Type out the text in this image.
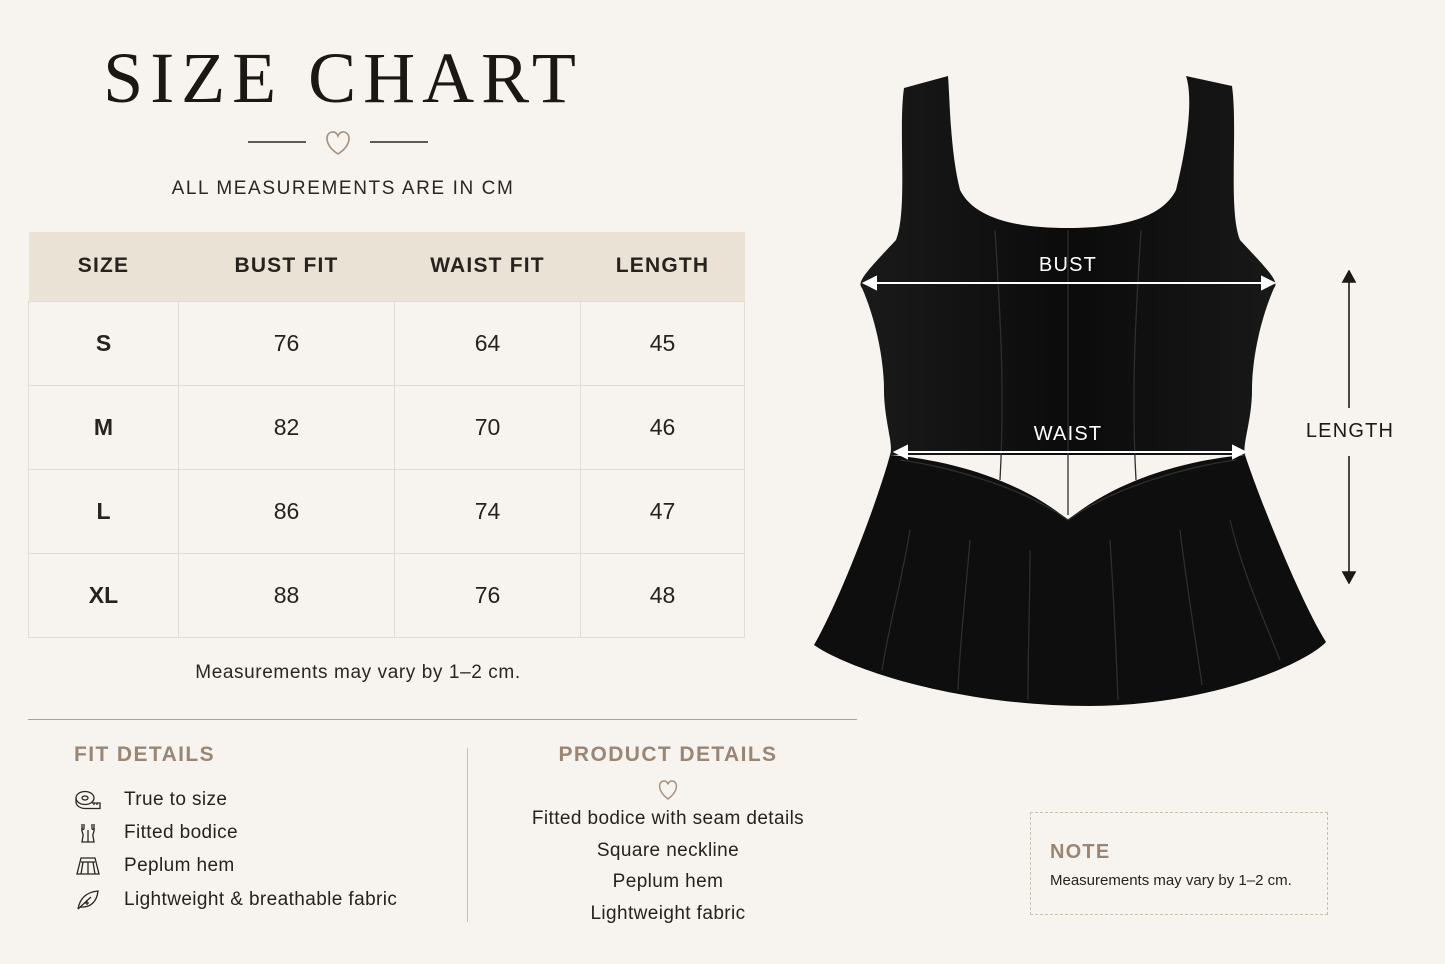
SIZE CHART
ALL MEASUREMENTS ARE IN CM
SIZE	BUST FIT	WAIST FIT	LENGTH
S	76	64	45
M	82	70	46
L	86	74	47
XL	88	76	48
Measurements may vary by 1–2 cm.
FIT DETAILS
True to size
Fitted bodice
Peplum hem
Lightweight & breathable fabric
PRODUCT DETAILS
Fitted bodice with seam details
Square neckline
Peplum hem
Lightweight fabric
BUST
WAIST	LENGTH
NOTE
Measurements may vary by 1–2 cm.
